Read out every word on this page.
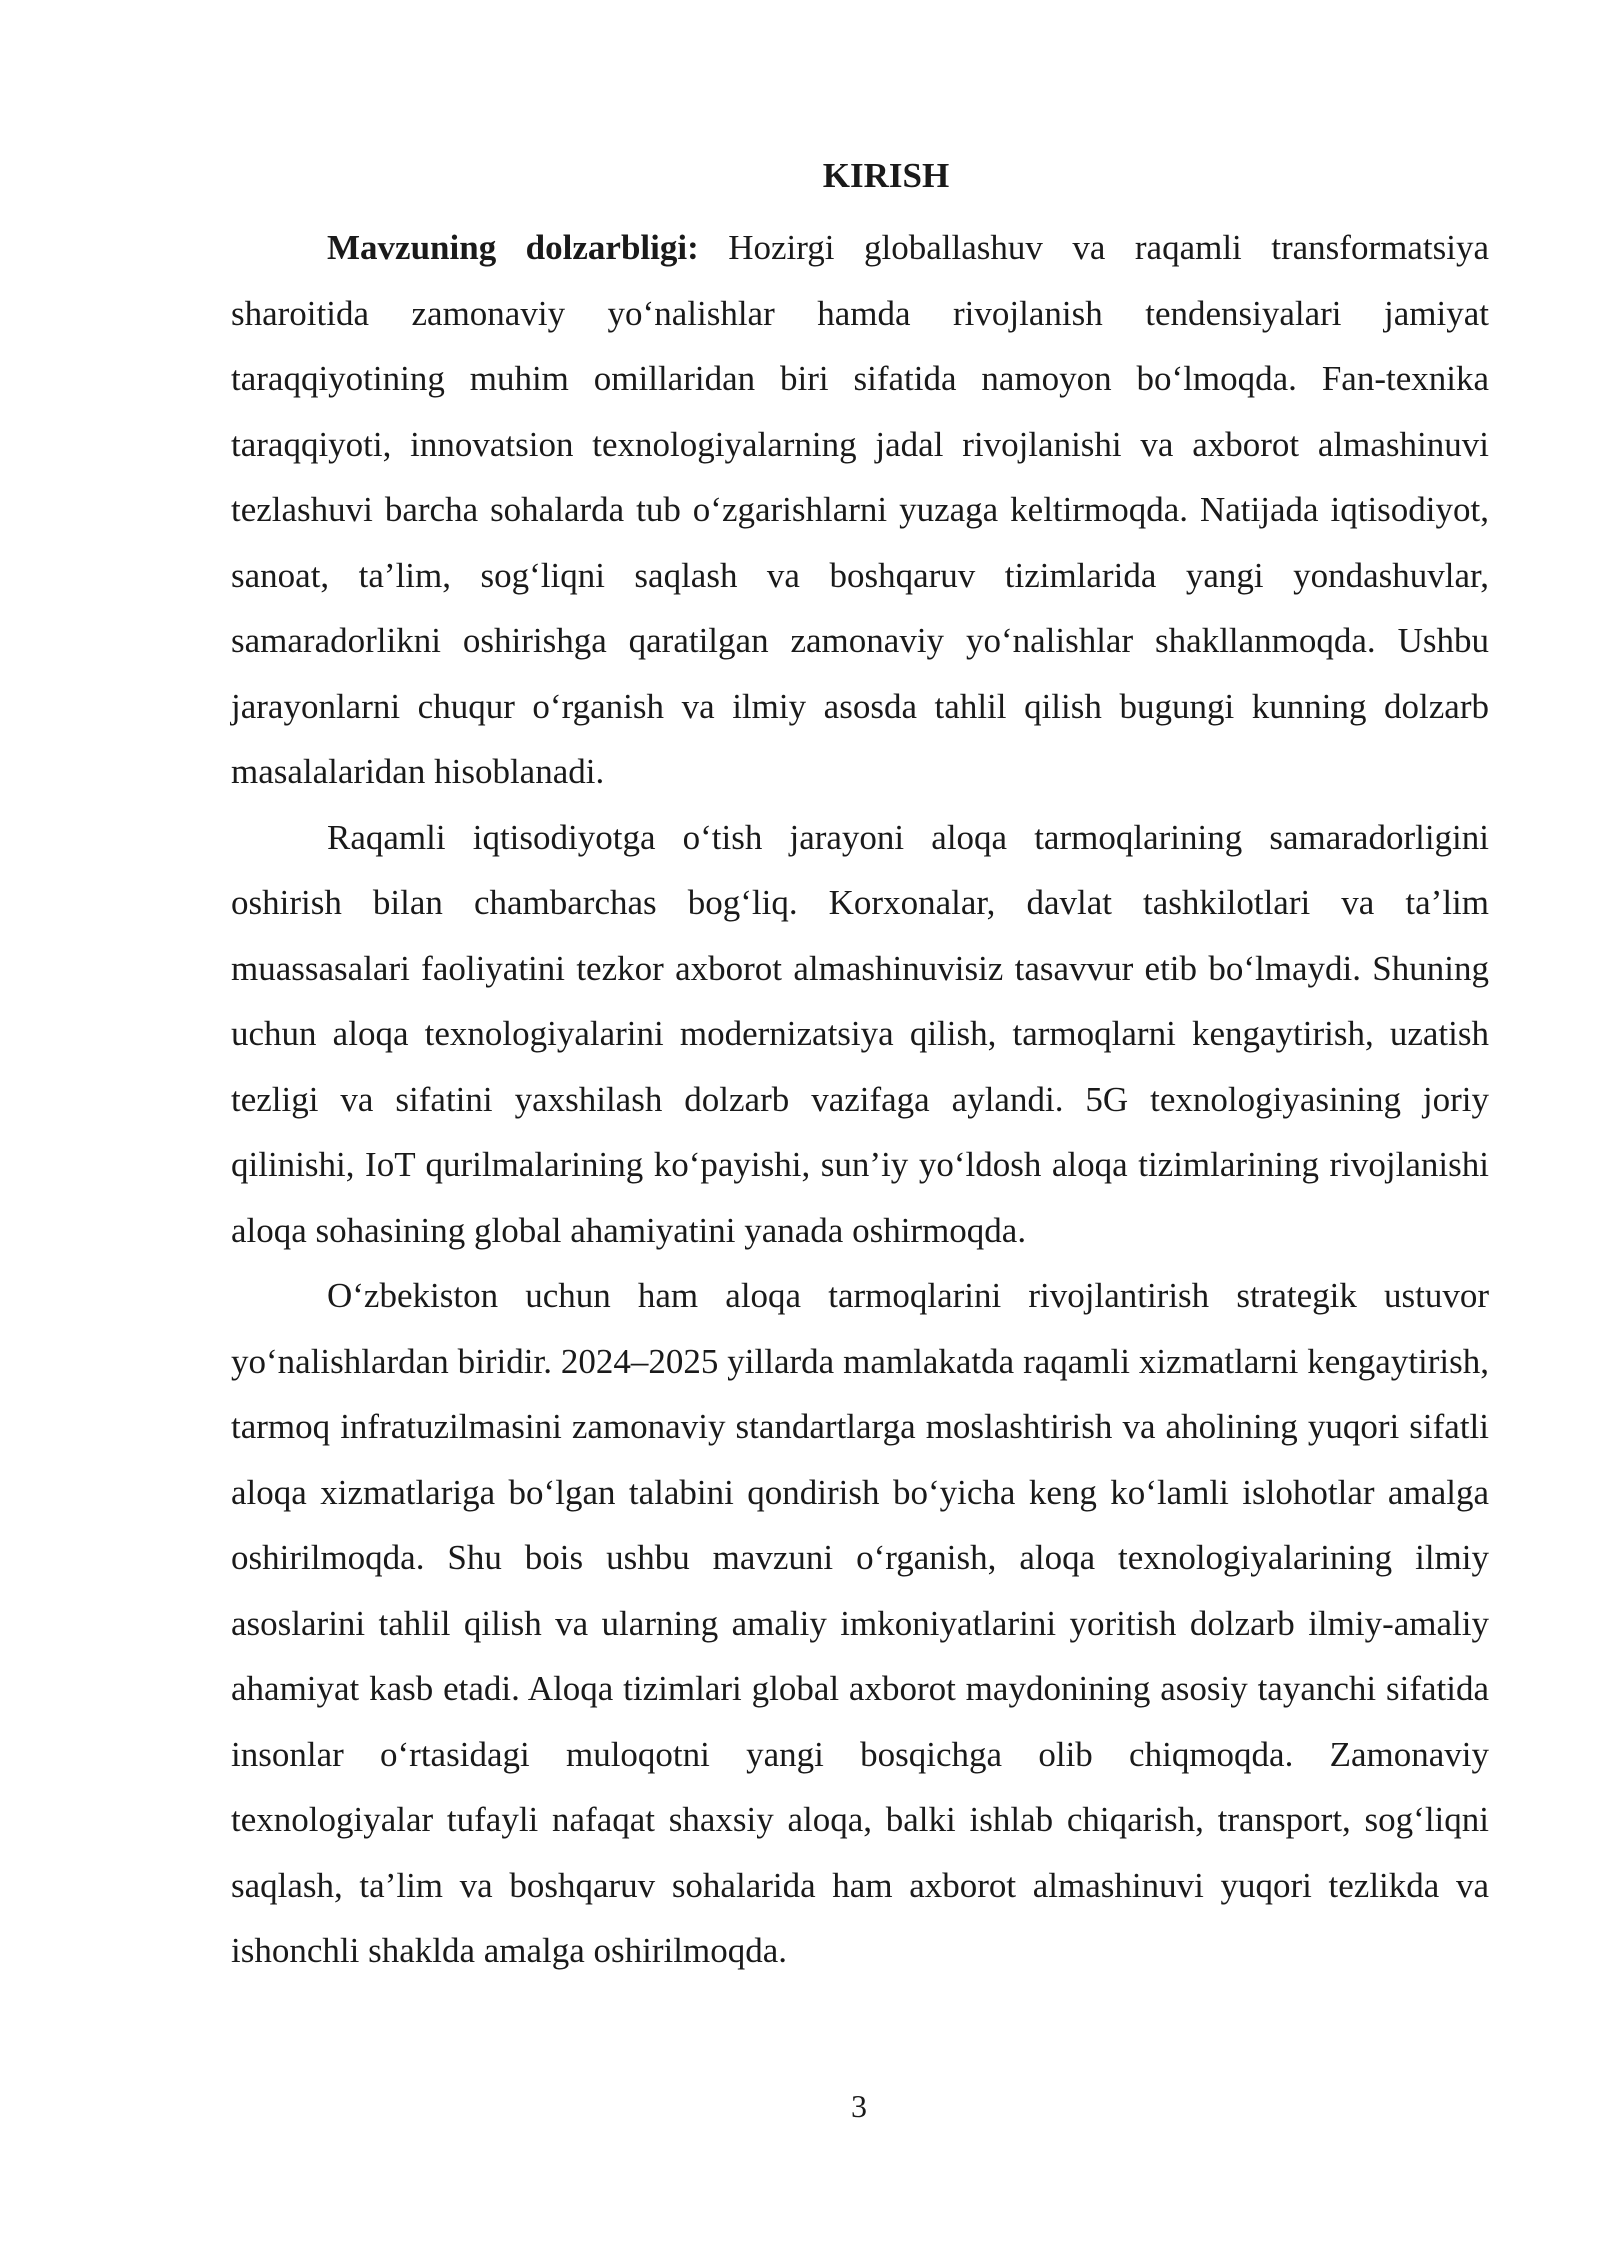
KIRISH

Mavzuning dolzarbligi: Hozirgi globallashuv va raqamli transformatsiya sharoitida zamonaviy yo‘nalishlar hamda rivojlanish tendensiyalari jamiyat taraqqiyotining muhim omillaridan biri sifatida namoyon bo‘lmoqda. Fan-texnika taraqqiyoti, innovatsion texnologiyalarning jadal rivojlanishi va axborot almashinuvi tezlashuvi barcha sohalarda tub o‘zgarishlarni yuzaga keltirmoqda. Natijada iqtisodiyot, sanoat, ta’lim, sog‘liqni saqlash va boshqaruv tizimlarida yangi yondashuvlar, samaradorlikni oshirishga qaratilgan zamonaviy yo‘nalishlar shakllanmoqda. Ushbu jarayonlarni chuqur o‘rganish va ilmiy asosda tahlil qilish bugungi kunning dolzarb masalalaridan hisoblanadi.

Raqamli iqtisodiyotga o‘tish jarayoni aloqa tarmoqlarining samaradorligini oshirish bilan chambarchas bog‘liq. Korxonalar, davlat tashkilotlari va ta’lim muassasalari faoliyatini tezkor axborot almashinuvisiz tasavvur etib bo‘lmaydi. Shuning uchun aloqa texnologiyalarini modernizatsiya qilish, tarmoqlarni kengaytirish, uzatish tezligi va sifatini yaxshilash dolzarb vazifaga aylandi. 5G texnologiyasining joriy qilinishi, IoT qurilmalarining ko‘payishi, sun’iy yo‘ldosh aloqa tizimlarining rivojlanishi aloqa sohasining global ahamiyatini yanada oshirmoqda.

O‘zbekiston uchun ham aloqa tarmoqlarini rivojlantirish strategik ustuvor yo‘nalishlardan biridir. 2024–2025 yillarda mamlakatda raqamli xizmatlarni kengaytirish, tarmoq infratuzilmasini zamonaviy standartlarga moslashtirish va aholining yuqori sifatli aloqa xizmatlariga bo‘lgan talabini qondirish bo‘yicha keng ko‘lamli islohotlar amalga oshirilmoqda. Shu bois ushbu mavzuni o‘rganish, aloqa texnologiyalarining ilmiy asoslarini tahlil qilish va ularning amaliy imkoniyatlarini yoritish dolzarb ilmiy-amaliy ahamiyat kasb etadi. Aloqa tizimlari global axborot maydonining asosiy tayanchi sifatida insonlar o‘rtasidagi muloqotni yangi bosqichga olib chiqmoqda. Zamonaviy texnologiyalar tufayli nafaqat shaxsiy aloqa, balki ishlab chiqarish, transport, sog‘liqni saqlash, ta’lim va boshqaruv sohalarida ham axborot almashinuvi yuqori tezlikda va ishonchli shaklda amalga oshirilmoqda.

3
